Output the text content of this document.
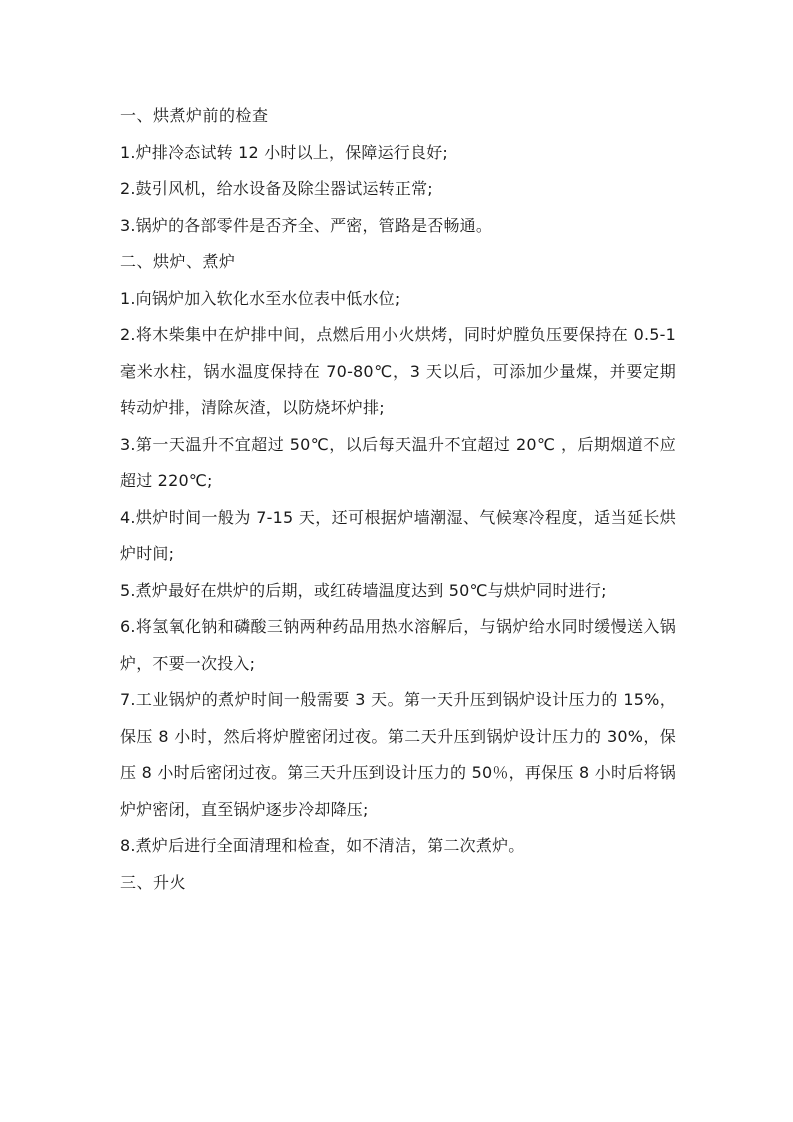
一、烘煮炉前的检查

1.炉排冷态试转 12 小时以上，保障运行良好;

2.鼓引风机，给水设备及除尘器试运转正常;

3.锅炉的各部零件是否齐全、严密，管路是否畅通。

二、烘炉、煮炉

1.向锅炉加入软化水至水位表中低水位;

2.将木柴集中在炉排中间，点燃后用小火烘烤，同时炉膛负压要保持在 0.5-1 毫米水柱，锅水温度保持在 70-80℃，3 天以后，可添加少量煤，并要定期转动炉排，清除灰渣，以防烧坏炉排;

3.第一天温升不宜超过 50℃，以后每天温升不宜超过 20℃ ，后期烟道不应超过 220℃;

4.烘炉时间一般为 7-15 天，还可根据炉墙潮湿、气候寒冷程度，适当延长烘炉时间;

5.煮炉最好在烘炉的后期，或红砖墙温度达到 50℃与烘炉同时进行;

6.将氢氧化钠和磷酸三钠两种药品用热水溶解后，与锅炉给水同时缓慢送入锅炉，不要一次投入;

7.工业锅炉的煮炉时间一般需要 3 天。第一天升压到锅炉设计压力的 15%，保压 8 小时，然后将炉膛密闭过夜。第二天升压到锅炉设计压力的 30%，保压 8 小时后密闭过夜。第三天升压到设计压力的 50％，再保压 8 小时后将锅炉炉密闭，直至锅炉逐步冷却降压;

8.煮炉后进行全面清理和检查，如不清洁，第二次煮炉。

三、升火
